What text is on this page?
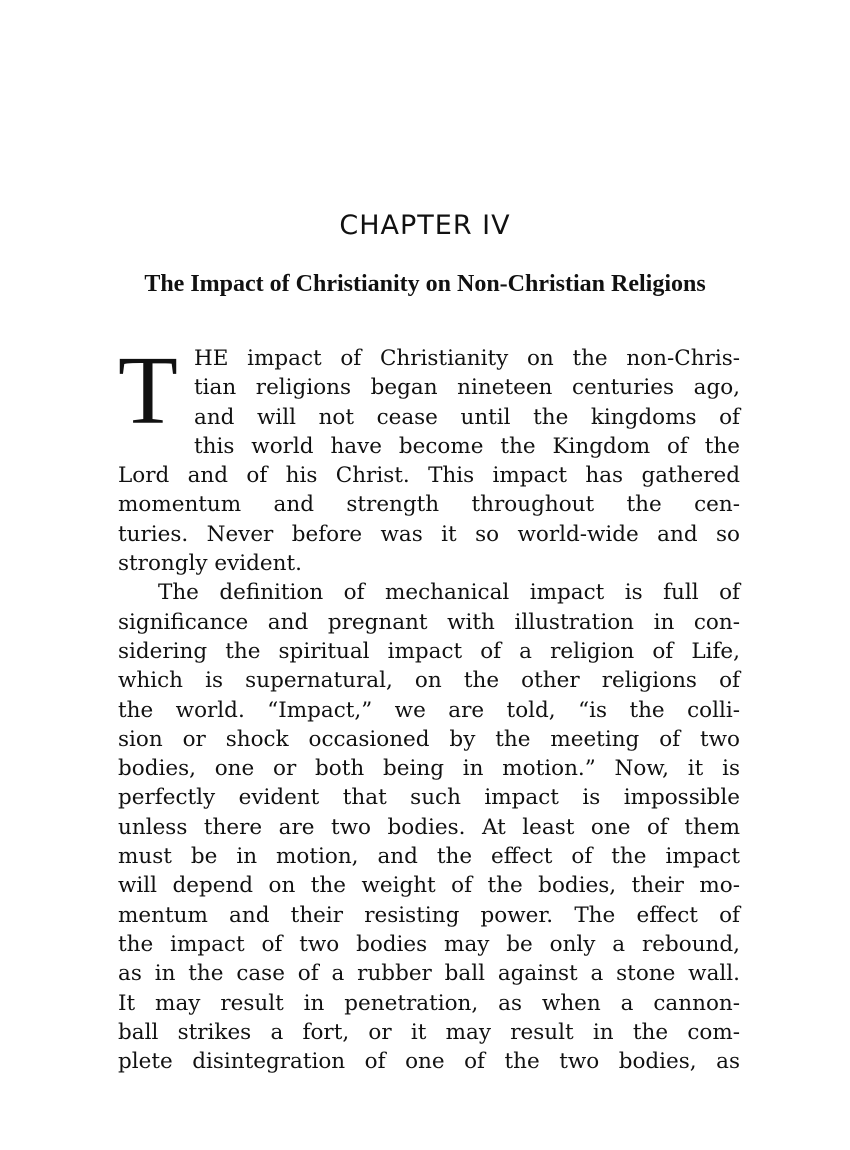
CHAPTER IV
The Impact of Christianity on Non-Christian Religions
T HE impact of Christianity on the non-Chris-
tian religions began nineteen centuries ago,
and will not cease until the kingdoms of
this world have become the Kingdom of the
Lord and of his Christ. This impact has gathered
momentum and strength throughout the cen-
turies. Never before was it so world-wide and so
strongly evident.
The definition of mechanical impact is full of
significance and pregnant with illustration in con-
sidering the spiritual impact of a religion of Life,
which is supernatural, on the other religions of
the world. “Impact,” we are told, “is the colli-
sion or shock occasioned by the meeting of two
bodies, one or both being in motion.” Now, it is
perfectly evident that such impact is impossible
unless there are two bodies. At least one of them
must be in motion, and the effect of the impact
will depend on the weight of the bodies, their mo-
mentum and their resisting power. The effect of
the impact of two bodies may be only a rebound,
as in the case of a rubber ball against a stone wall.
It may result in penetration, as when a cannon-
ball strikes a fort, or it may result in the com-
plete disintegration of one of the two bodies, as
